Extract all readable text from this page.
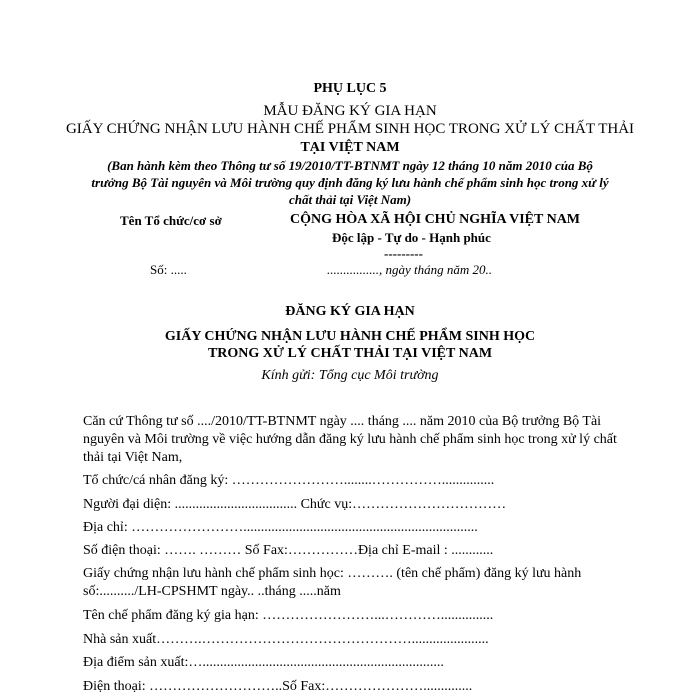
PHỤ LỤC 5
MẪU ĐĂNG KÝ GIA HẠN
GIẤY CHỨNG NHẬN LƯU HÀNH CHẾ PHẨM SINH HỌC TRONG XỬ LÝ CHẤT THẢI
TẠI VIỆT NAM
(Ban hành kèm theo Thông tư số 19/2010/TT-BTNMT ngày 12 tháng 10 năm 2010 của Bộ
trưởng Bộ Tài nguyên và Môi trường quy định đăng ký lưu hành chế phẩm sinh học trong xử lý
chất thải tại Việt Nam)
Tên Tổ chức/cơ sở
Số: .....
CỘNG HÒA XÃ HỘI CHỦ NGHĨA VIỆT NAM
Độc lập - Tự do - Hạnh phúc
---------
................, ngày tháng năm 20..
ĐĂNG KÝ GIA HẠN
GIẤY CHỨNG NHẬN LƯU HÀNH CHẾ PHẨM SINH HỌC
TRONG XỬ LÝ CHẤT THẢI TẠI VIỆT NAM
Kính gửi: Tổng cục Môi trường
Căn cứ Thông tư số ..../2010/TT-BTNMT ngày .... tháng .... năm 2010 của Bộ trưởng Bộ Tài
nguyên và Môi trường về việc hướng dẫn đăng ký lưu hành chế phẩm sinh học trong xử lý chất
thải tại Việt Nam,
Tổ chức/cá nhân đăng ký: ……………………........……………...............
Người đại diện: ................................... Chức vụ:……………………………
Địa chỉ: ……………………...................................................................
Số điện thoại: ……. ……… Số Fax:……………Địa chỉ E-mail : ............
Giấy chứng nhận lưu hành chế phẩm sinh học: ………. (tên chế phẩm) đăng ký lưu hành
số:........../LH-CPSHMT ngày.. ..tháng .....năm
Tên chế phẩm đăng ký gia hạn: ……………………...…………...............
Nhà sản xuất……….………………………………………......................
Địa điểm sản xuất:….....................................................................
Điện thoại: ………………………..Số Fax:…………………..............
